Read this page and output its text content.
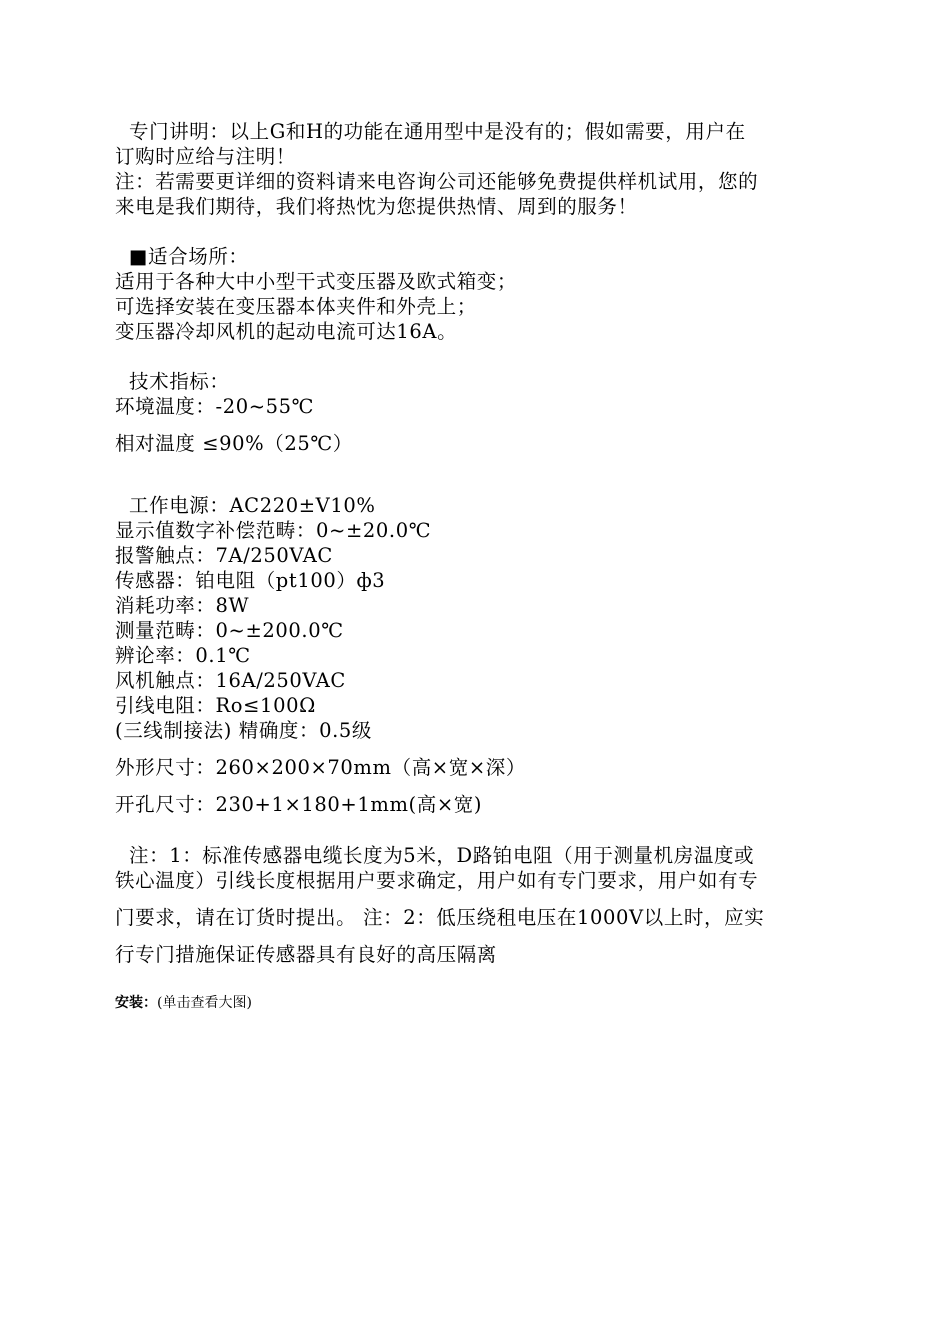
专门讲明：以上G和H的功能在通用型中是没有的；假如需要，用户在
订购时应给与注明！
注：若需要更详细的资料请来电咨询公司还能够免费提供样机试用，您的
来电是我们期待，我们将热忱为您提供热情、周到的服务！
■适合场所：
适用于各种大中小型干式变压器及欧式箱变；
可选择安装在变压器本体夹件和外壳上；
变压器冷却风机的起动电流可达16A。
技术指标：
环境温度：-20~55℃
相对温度 ≤90%（25℃）
工作电源：AC220±V10%
显示值数字补偿范畴：0~±20.0℃
报警触点：7A/250VAC
传感器：铂电阻（pt100）ф3
消耗功率：8W
测量范畴：0~±200.0℃
辨论率：0.1℃
风机触点：16A/250VAC
引线电阻：Ro≤100Ω
(三线制接法) 精确度：0.5级
外形尺寸：260×200×70mm（高×宽×深）
开孔尺寸：230+1×180+1mm(高×宽)
注：1：标准传感器电缆长度为5米，D路铂电阻（用于测量机房温度或
铁心温度）引线长度根据用户要求确定，用户如有专门要求，用户如有专
门要求，请在订货时提出。 注：2：低压绕租电压在1000V以上时，应实
行专门措施保证传感器具有良好的高压隔离
安装：(单击查看大图)
